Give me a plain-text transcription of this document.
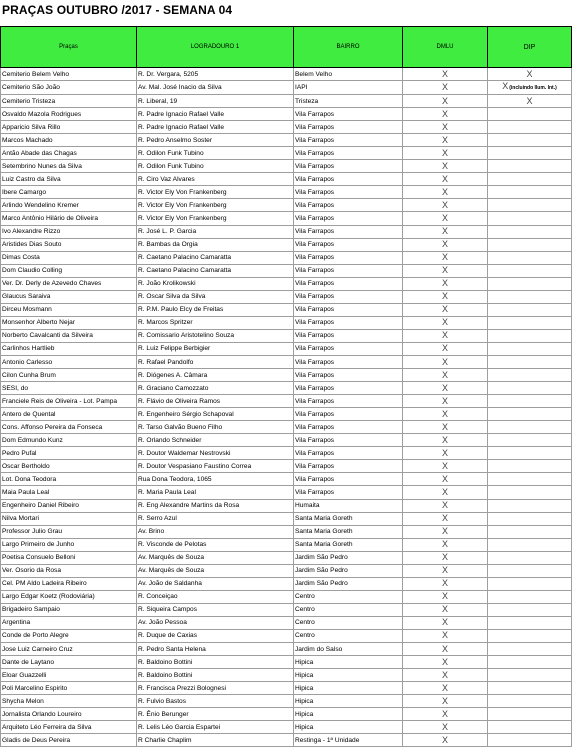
PRAÇAS OUTUBRO /2017 - SEMANA 04
Praças	LOGRADOURO 1	BAIRRO	DMLU	DIP
Cemiterio Belem Velho	R. Dr. Vergara, 5205	Belem Velho	X	X
Cemiterio São João	Av. Mal. José Inacio da Silva	IAPI	X	X(incluindo Ilum. Int.)
Cemiterio Tristeza	R. Liberal, 19	Tristeza	X	X
Osvaldo Mazola Rodrigues	R. Padre Ignacio Rafael Valle	Vila Farrapos	X	
Apparicio Silva Rillo	R. Padre Ignacio Rafael Valle	Vila Farrapos	X	
Marcos Machado	R. Pedro Anselmo Soster	Vila Farrapos	X	
Antão Abade das Chagas	R. Odilon Funk Tubino	Vila Farrapos	X	
Setembrino Nunes da Silva	R. Odilon Funk Tubino	Vila Farrapos	X	
Luiz Castro da Silva	R. Ciro Vaz Alvares	Vila Farrapos	X	
Ibere Camargo	R. Victor Ely Von Frankenberg	Vila Farrapos	X	
Arlindo Wendelino Kremer	R. Victor Ely Von Frankenberg	Vila Farrapos	X	
Marco Antônio Hilário de Oliveira	R. Victor Ely Von Frankenberg	Vila Farrapos	X	
Ivo Alexandre Rizzo	R. José L. P. Garcia	Vila Farrapos	X	
Aristides Dias Souto	R. Bambas da Orgia	Vila Farrapos	X	
Dimas Costa	R. Caetano Palacino Camaratta	Vila Farrapos	X	
Dom Claudio Colling	R. Caetano Palacino Camaratta	Vila Farrapos	X	
Ver. Dr. Derly de Azevedo Chaves	R. João Krolikowski	Vila Farrapos	X	
Glaucus Saraiva	R. Oscar Silva da Silva	Vila Farrapos	X	
Dirceu Mosmann	R. P.M. Paulo Elcy de Freitas	Vila Farrapos	X	
Monsenhor Alberto Nejar	R. Marcos Spritzer	Vila Farrapos	X	
Norberto Cavalcanti da Silveira	R. Comissario Aristotelino Souza	Vila Farrapos	X	
Carlinhos Hartlieb	R. Luiz Felippe Berbigier	Vila Farrapos	X	
Antonio Carlesso	R. Rafael Pandolfo	Vila Farrapos	X	
Cilon Cunha Brum	R. Diógenes A. Câmara	Vila Farrapos	X	
SESI, do	R. Graciano Camozzato	Vila Farrapos	X	
Franciele Reis de Oliveira - Lot. Pampa	R. Flávio de Oliveira Ramos	Vila Farrapos	X	
Antero de Quental	R. Engenheiro Sérgio Schapoval	Vila Farrapos	X	
Cons. Affonso Pereira da Fonseca	R. Tarso Galvão Bueno Filho	Vila Farrapos	X	
Dom Edmundo Kunz	R. Orlando Schneider	Vila Farrapos	X	
Pedro Pufal	R. Doutor Waldemar Nestrovski	Vila Farrapos	X	
Oscar Bertholdo	R. Doutor Vespasiano Faustino Correa	Vila Farrapos	X	
Lot. Dona Teodora	Rua Dona Teodora, 1065	Vila Farrapos	X	
Maia Paula Leal	R. Maria Paula Leal	Vila Farrapos	X	
Engenheiro Daniel Ribeiro	R. Eng Alexandre Martins da Rosa	Humaita	X	
Nilva Mortari	R. Serro Azul	Santa Maria Goreth	X	
Professor Julio Grau	Av. Brino	Santa Maria Goreth	X	
Largo Primeiro de Junho	R. Visconde de Pelotas	Santa Maria Goreth	X	
Poetisa Consuelo Belloni	Av. Marquês de Souza	Jardim São Pedro	X	
Ver. Osorio da Rosa	Av. Marquês de Souza	Jardim São Pedro	X	
Cel. PM Aldo Ladeira Ribeiro	Av. João de Saldanha	Jardim São Pedro	X	
Largo Edgar Koetz (Rodoviária)	R. Conceiçao	Centro	X	
Brigadeiro Sampaio	R. Siqueira Campos	Centro	X	
Argentina	Av. João Pessoa	Centro	X	
Conde de Porto Alegre	R. Duque de Caxias	Centro	X	
Jose Luiz Carneiro Cruz	R. Pedro Santa Helena	Jardim do Salso	X	
Dante de Laytano	R. Baldoino Bottini	Hipica	X	
Eloar Guazzelli	R. Baldoino Bottini	Hipica	X	
Poli Marcelino Espirito	R. Francisca Prezzi Bolognesi	Hipica	X	
Shycha Melon	R. Fulvio Bastos	Hipica	X	
Jornalista Orlando Loureiro	R. Ênio Berunger	Hipica	X	
Arquiteto Léo Ferreira da Silva	R. Lelis Léo Garcia Espartei	Hipica	X	
Gladis de Deus Pereira	R Charlie Chaplim	Restinga - 1ª Unidade	X	
